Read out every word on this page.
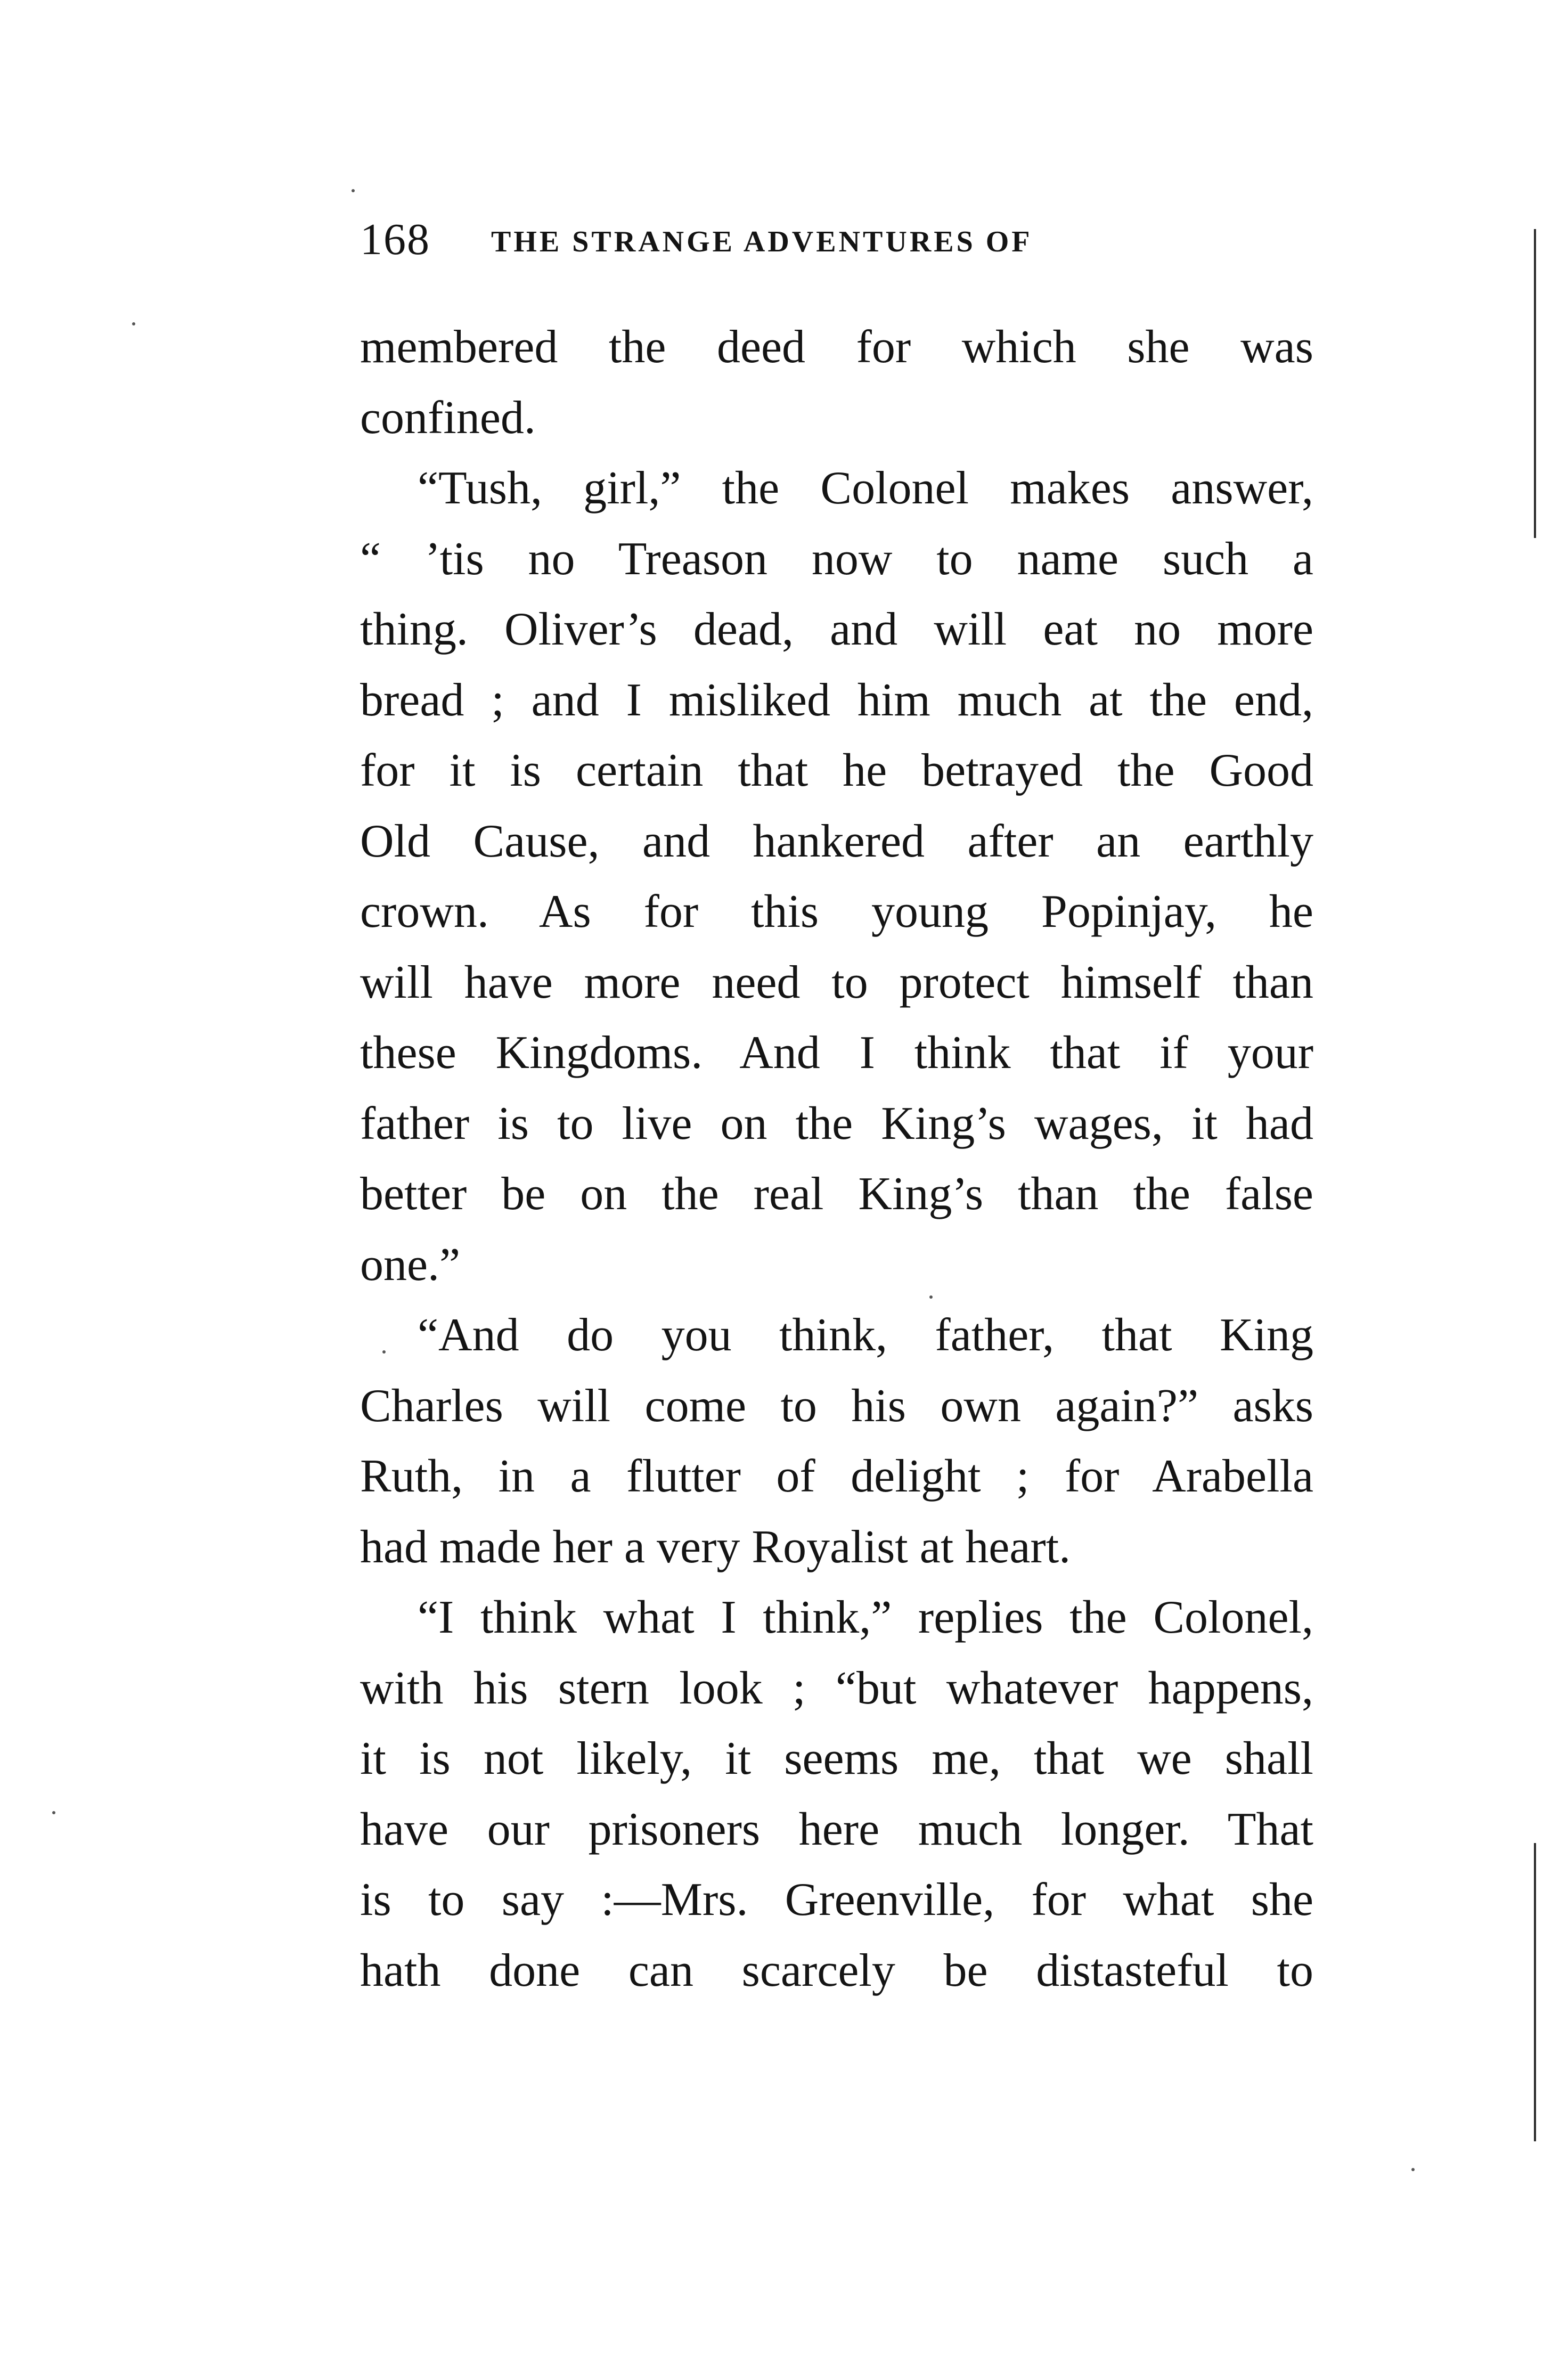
168 THE STRANGE ADVENTURES OF
membered the deed for which she was
confined.
“Tush, girl,” the Colonel makes answer,
“ ’tis no Treason now to name such a
thing. Oliver’s dead, and will eat no more
bread ; and I misliked him much at the end,
for it is certain that he betrayed the Good
Old Cause, and hankered after an earthly
crown. As for this young Popinjay, he
will have more need to protect himself than
these Kingdoms. And I think that if your
father is to live on the King’s wages, it had
better be on the real King’s than the false
one.”
“And do you think, father, that King
Charles will come to his own again?” asks
Ruth, in a flutter of delight ; for Arabella
had made her a very Royalist at heart.
“I think what I think,” replies the Colonel,
with his stern look ; “but whatever happens,
it is not likely, it seems me, that we shall
have our prisoners here much longer. That
is to say :—Mrs. Greenville, for what she
hath done can scarcely be distasteful to
